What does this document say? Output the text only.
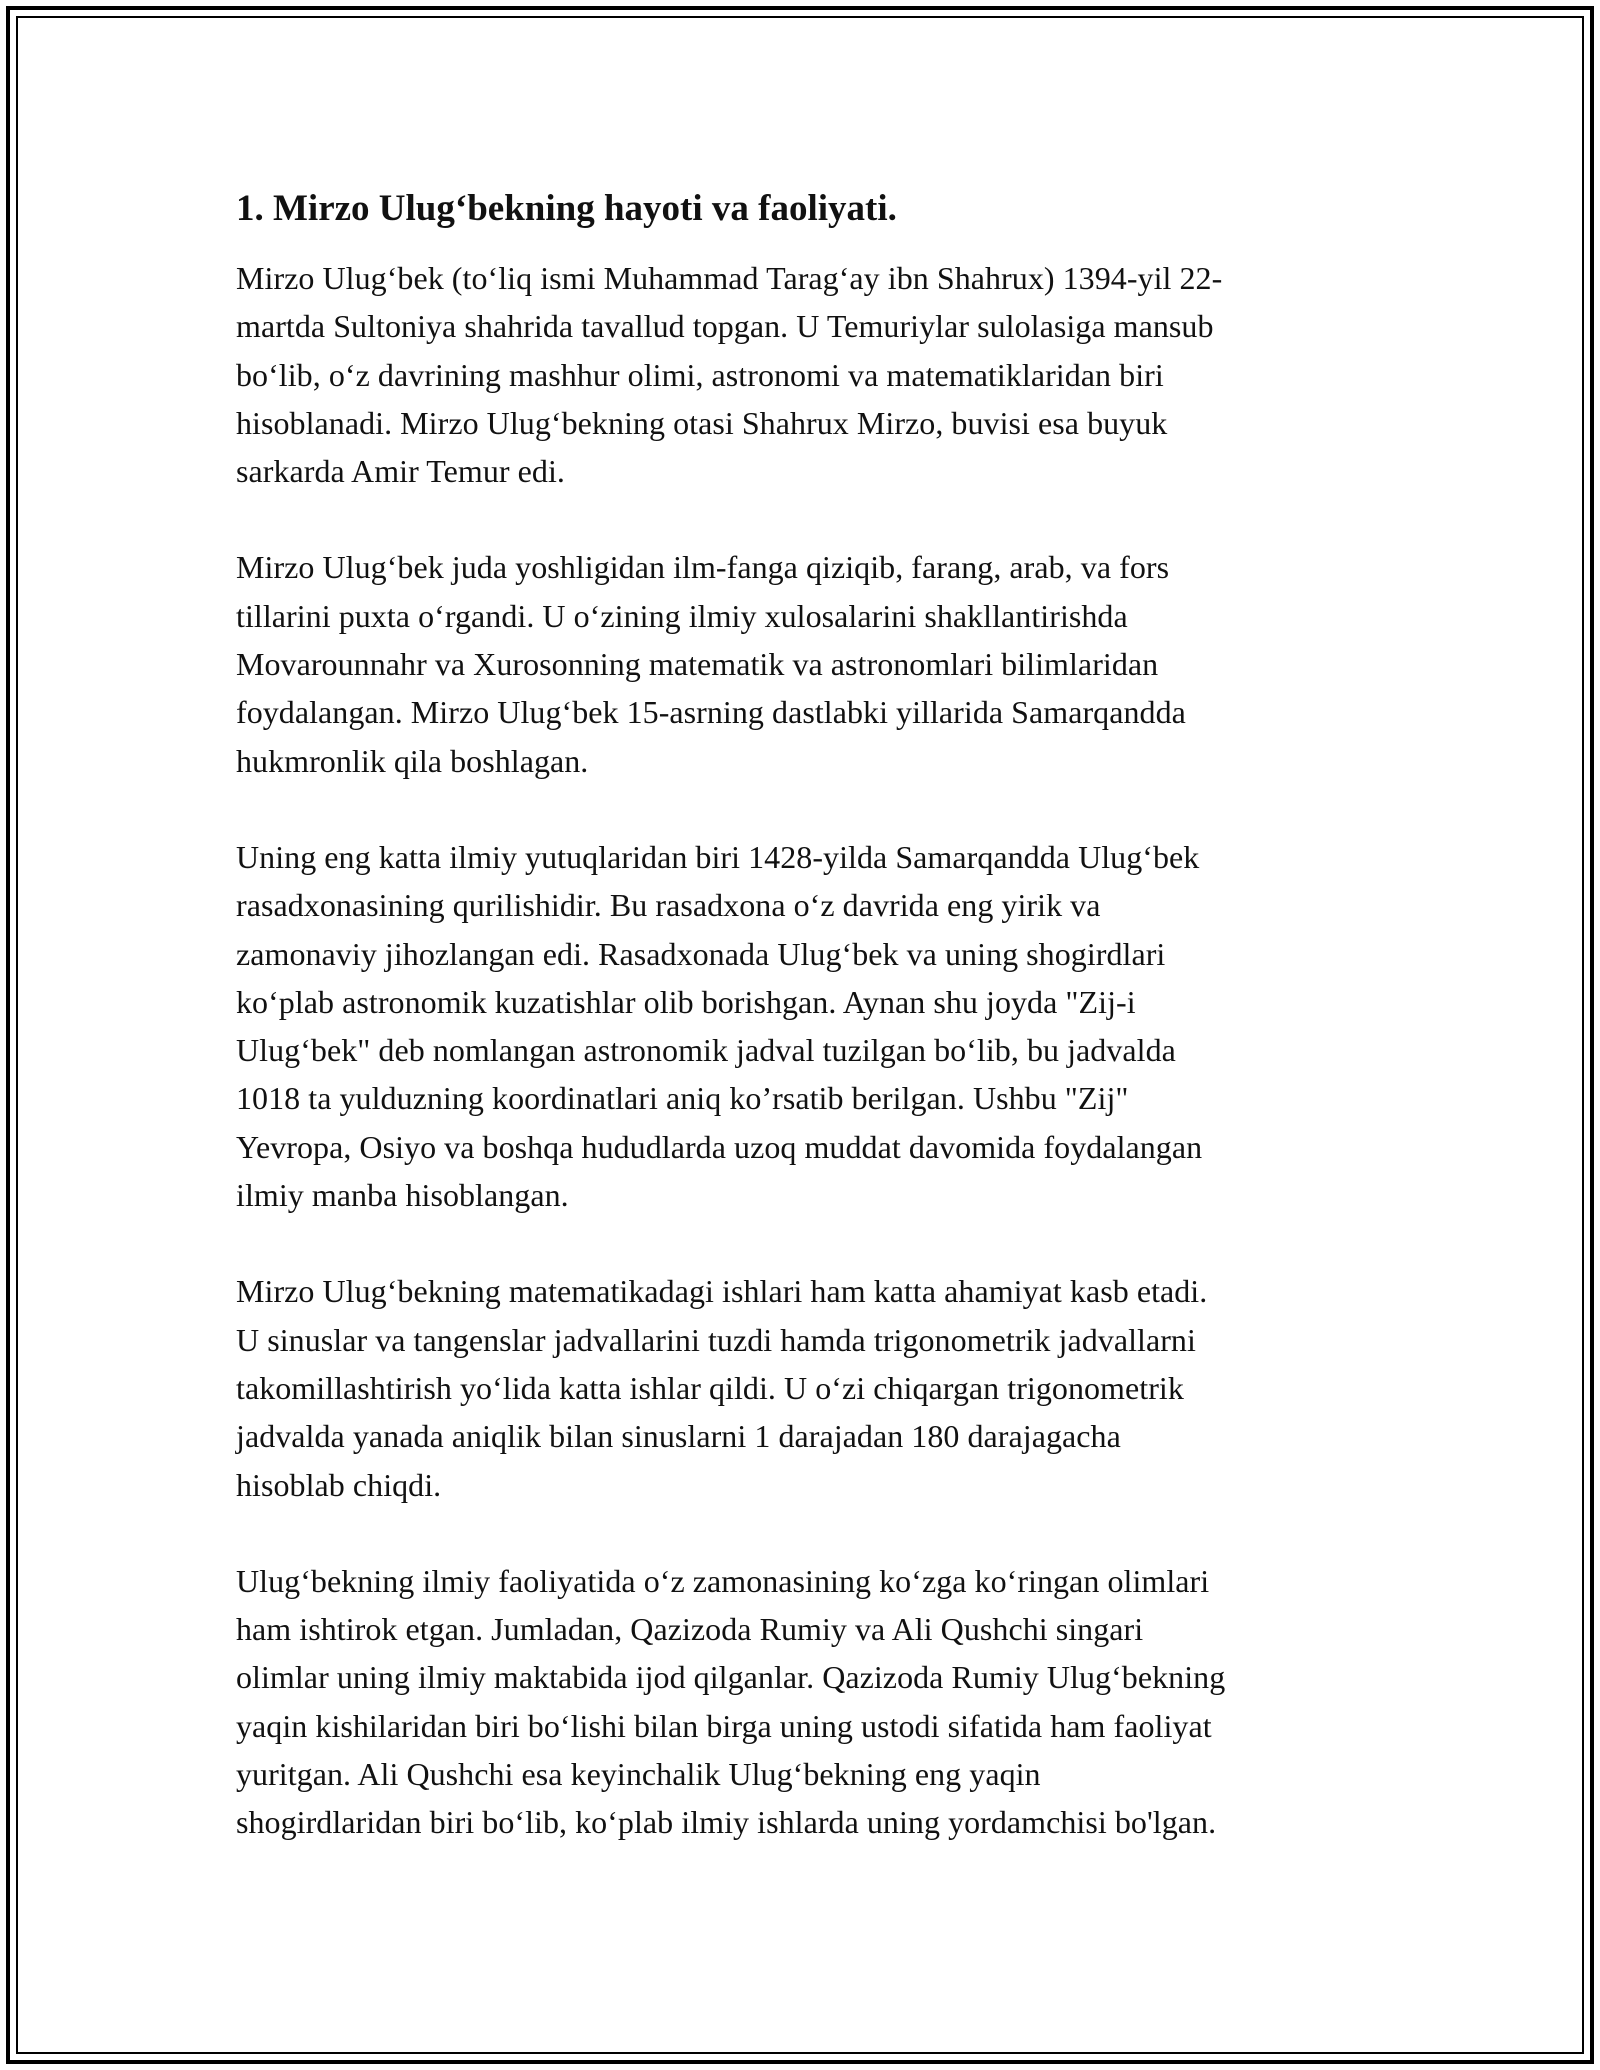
1. Mirzo Ulug‘bekning hayoti va faoliyati.

Mirzo Ulug‘bek (to‘liq ismi Muhammad Tarag‘ay ibn Shahrux) 1394-yil 22-
martda Sultoniya shahrida tavallud topgan. U Temuriylar sulolasiga mansub
bo‘lib, o‘z davrining mashhur olimi, astronomi va matematiklaridan biri
hisoblanadi. Mirzo Ulug‘bekning otasi Shahrux Mirzo, buvisi esa buyuk
sarkarda Amir Temur edi.

Mirzo Ulug‘bek juda yoshligidan ilm-fanga qiziqib, farang, arab, va fors
tillarini puxta o‘rgandi. U o‘zining ilmiy xulosalarini shakllantirishda
Movarounnahr va Xurosonning matematik va astronomlari bilimlaridan
foydalangan. Mirzo Ulug‘bek 15-asrning dastlabki yillarida Samarqandda
hukmronlik qila boshlagan.

Uning eng katta ilmiy yutuqlaridan biri 1428-yilda Samarqandda Ulug‘bek
rasadxonasining qurilishidir. Bu rasadxona o‘z davrida eng yirik va
zamonaviy jihozlangan edi. Rasadxonada Ulug‘bek va uning shogirdlari
ko‘plab astronomik kuzatishlar olib borishgan. Aynan shu joyda "Zij-i
Ulug‘bek" deb nomlangan astronomik jadval tuzilgan bo‘lib, bu jadvalda
1018 ta yulduzning koordinatlari aniq ko’rsatib berilgan. Ushbu "Zij"
Yevropa, Osiyo va boshqa hududlarda uzoq muddat davomida foydalangan
ilmiy manba hisoblangan.

Mirzo Ulug‘bekning matematikadagi ishlari ham katta ahamiyat kasb etadi.
U sinuslar va tangenslar jadvallarini tuzdi hamda trigonometrik jadvallarni
takomillashtirish yo‘lida katta ishlar qildi. U o‘zi chiqargan trigonometrik
jadvalda yanada aniqlik bilan sinuslarni 1 darajadan 180 darajagacha
hisoblab chiqdi.

Ulug‘bekning ilmiy faoliyatida o‘z zamonasining ko‘zga ko‘ringan olimlari
ham ishtirok etgan. Jumladan, Qazizoda Rumiy va Ali Qushchi singari
olimlar uning ilmiy maktabida ijod qilganlar. Qazizoda Rumiy Ulug‘bekning
yaqin kishilaridan biri bo‘lishi bilan birga uning ustodi sifatida ham faoliyat
yuritgan. Ali Qushchi esa keyinchalik Ulug‘bekning eng yaqin
shogirdlaridan biri bo‘lib, ko‘plab ilmiy ishlarda uning yordamchisi bo'lgan.
